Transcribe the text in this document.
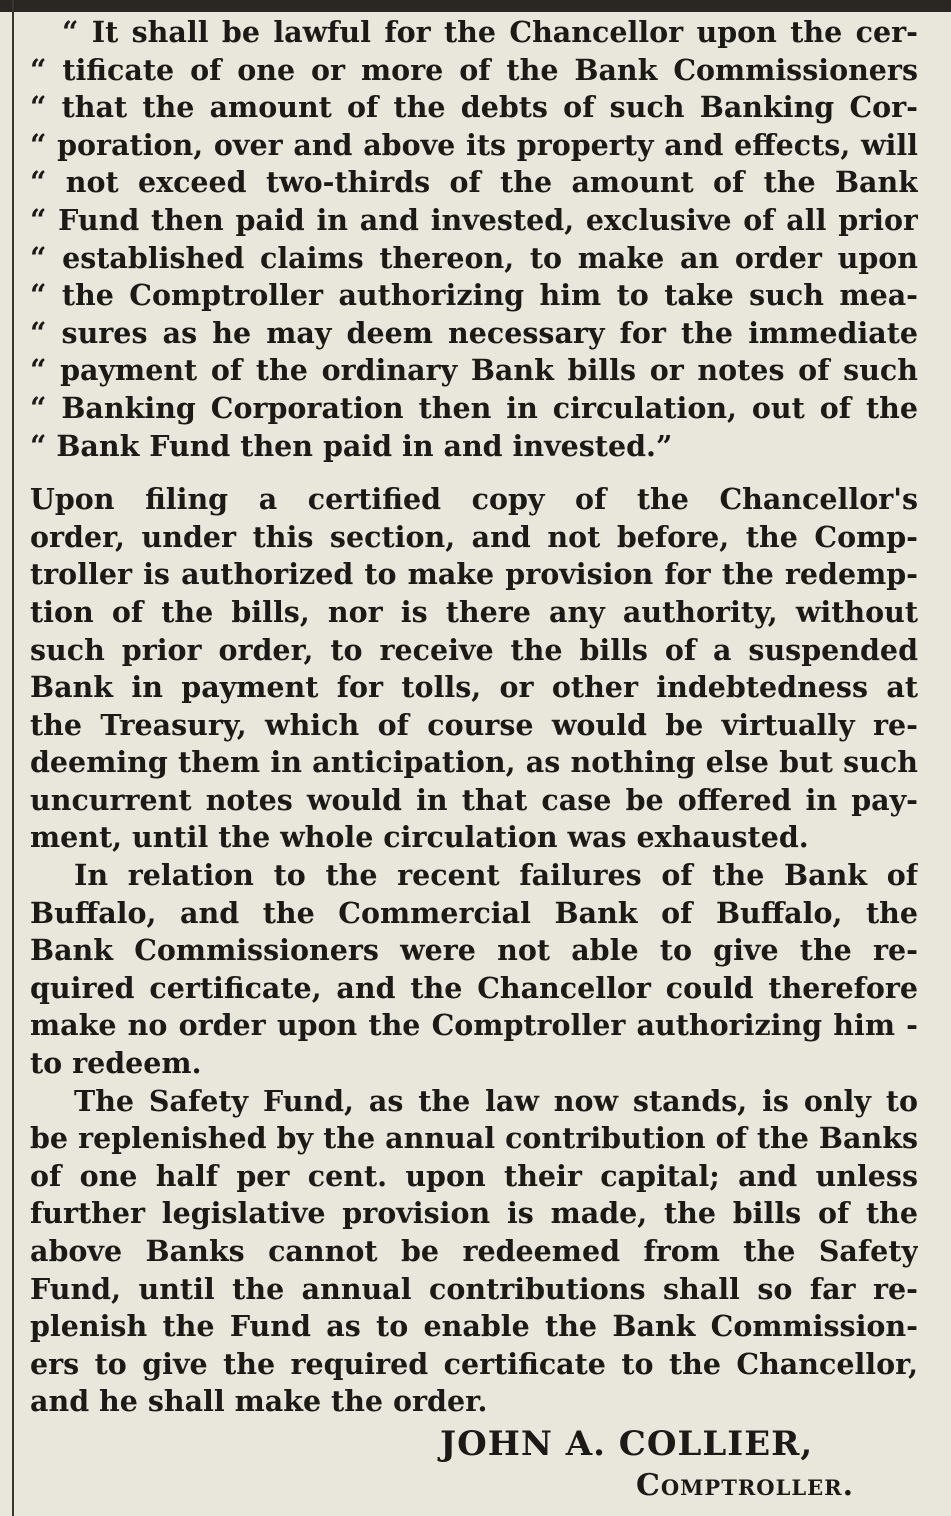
“ It shall be lawful for the Chancellor upon the cer-
“ tificate of one or more of the Bank Commissioners
“ that the amount of the debts of such Banking Cor-
“ poration, over and above its property and effects, will
“ not exceed two-thirds of the amount of the Bank
“ Fund then paid in and invested, exclusive of all prior
“ established claims thereon, to make an order upon
“ the Comptroller authorizing him to take such mea-
“ sures as he may deem necessary for the immediate
“ payment of the ordinary Bank bills or notes of such
“ Banking Corporation then in circulation, out of the
“ Bank Fund then paid in and invested.”
Upon filing a certified copy of the Chancellor's
order, under this section, and not before, the Comp-
troller is authorized to make provision for the redemp-
tion of the bills, nor is there any authority, without
such prior order, to receive the bills of a suspended
Bank in payment for tolls, or other indebtedness at
the Treasury, which of course would be virtually re-
deeming them in anticipation, as nothing else but such
uncurrent notes would in that case be offered in pay-
ment, until the whole circulation was exhausted.
In relation to the recent failures of the Bank of
Buffalo, and the Commercial Bank of Buffalo, the
Bank Commissioners were not able to give the re-
quired certificate, and the Chancellor could therefore
make no order upon the Comptroller authorizing him -
to redeem.
The Safety Fund, as the law now stands, is only to
be replenished by the annual contribution of the Banks
of one half per cent. upon their capital; and unless
further legislative provision is made, the bills of the
above Banks cannot be redeemed from the Safety
Fund, until the annual contributions shall so far re-
plenish the Fund as to enable the Bank Commission-
ers to give the required certificate to the Chancellor,
and he shall make the order.
JOHN A. COLLIER,
Comptroller.
